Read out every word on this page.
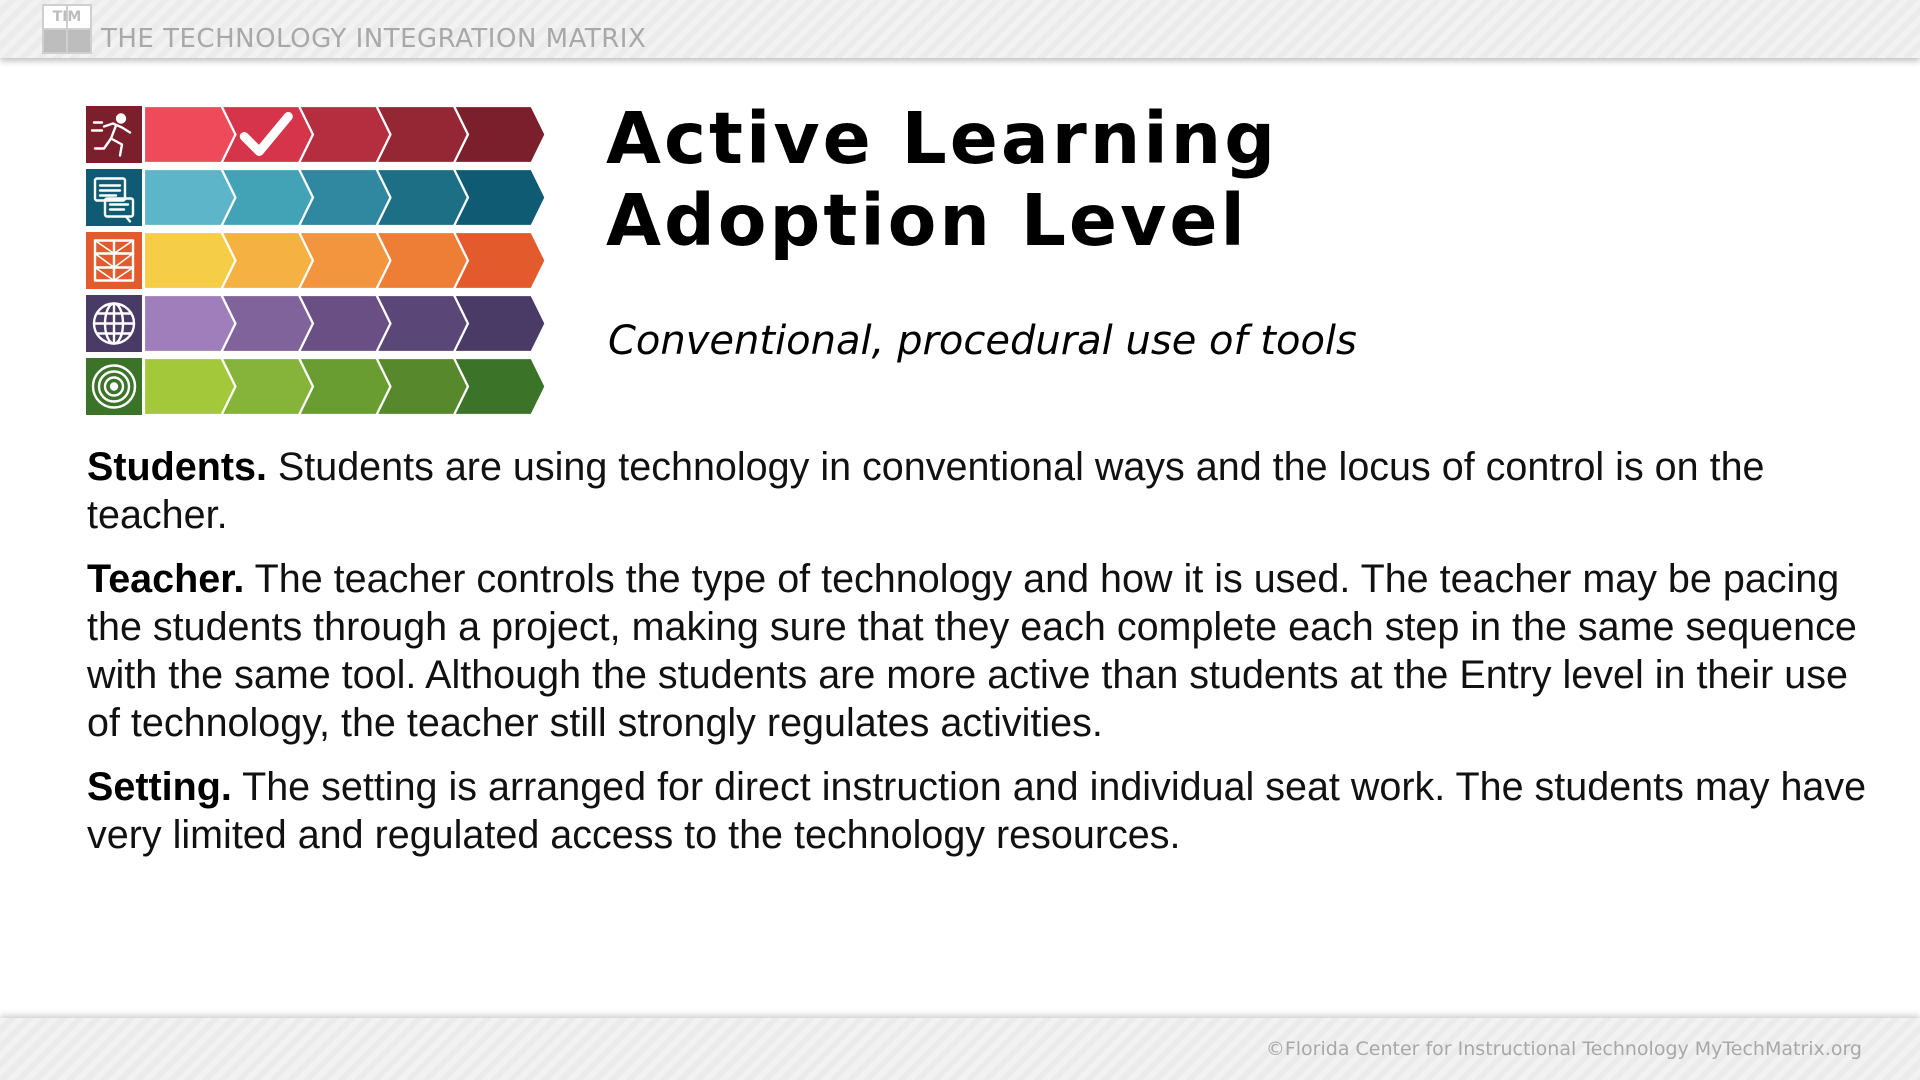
TIM
THE TECHNOLOGY INTEGRATION MATRIX
Active Learning
Adoption Level
Conventional, procedural use of tools

Students. Students are using technology in conventional ways and the locus of control is on the teacher.

Teacher. The teacher controls the type of technology and how it is used. The teacher may be pacing the students through a project, making sure that they each complete each step in the same sequence with the same tool. Although the students are more active than students at the Entry level in their use of technology, the teacher still strongly regulates activities.

Setting. The setting is arranged for direct instruction and individual seat work. The students may have very limited and regulated access to the technology resources.

©Florida Center for Instructional Technology MyTechMatrix.org
